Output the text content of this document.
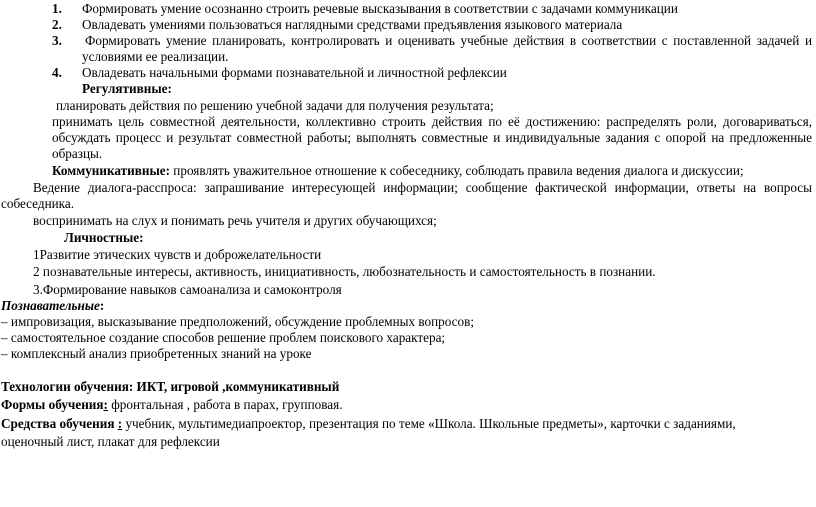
1. Формировать умение осознанно строить речевые высказывания в соответствии с задачами коммуникации
2. Овладевать умениями пользоваться наглядными средствами предъявления языкового материала
3.	Формировать умение планировать, контролировать и оценивать учебные действия в соответствии с поставленной задачей и
условиями ее реализации.
4. Овладевать начальными формами познавательной и личностной рефлексии
Регулятивные:
планировать действия по решению учебной задачи для получения результата;
принимать цель совместной деятельности, коллективно строить действия по её достижению: распределять роли, договариваться,
обсуждать процесс и результат совместной работы; выполнять совместные и индивидуальные задания с опорой на предложенные
образцы.
Коммуникативные: проявлять уважительное отношение к собеседнику, соблюдать правила ведения диалога и дискуссии;
Ведение диалога-расспроса: запрашивание интересующей информации; сообщение фактической информации, ответы на вопросы
собеседника.
воспринимать на слух и понимать речь учителя и других обучающихся;
Личностные:
1Развитие этических чувств и доброжелательности
2 познавательные интересы, активность, инициативность, любознательность и самостоятельность в познании.
3.Формирование навыков самоанализа и самоконтроля
Познавательные:
– импровизация, высказывание предположений, обсуждение проблемных вопросов;
– самостоятельное создание способов решение проблем поискового характера;
– комплексный анализ приобретенных знаний на уроке
Технологии обучения: ИКТ, игровой ,коммуникативный
Формы обучения: фронтальная , работа в парах, групповая.
Средства обучения : учебник, мультимедиапроектор, презентация по теме «Школа. Школьные предметы», карточки с заданиями,
оценочный лист, плакат для рефлексии
